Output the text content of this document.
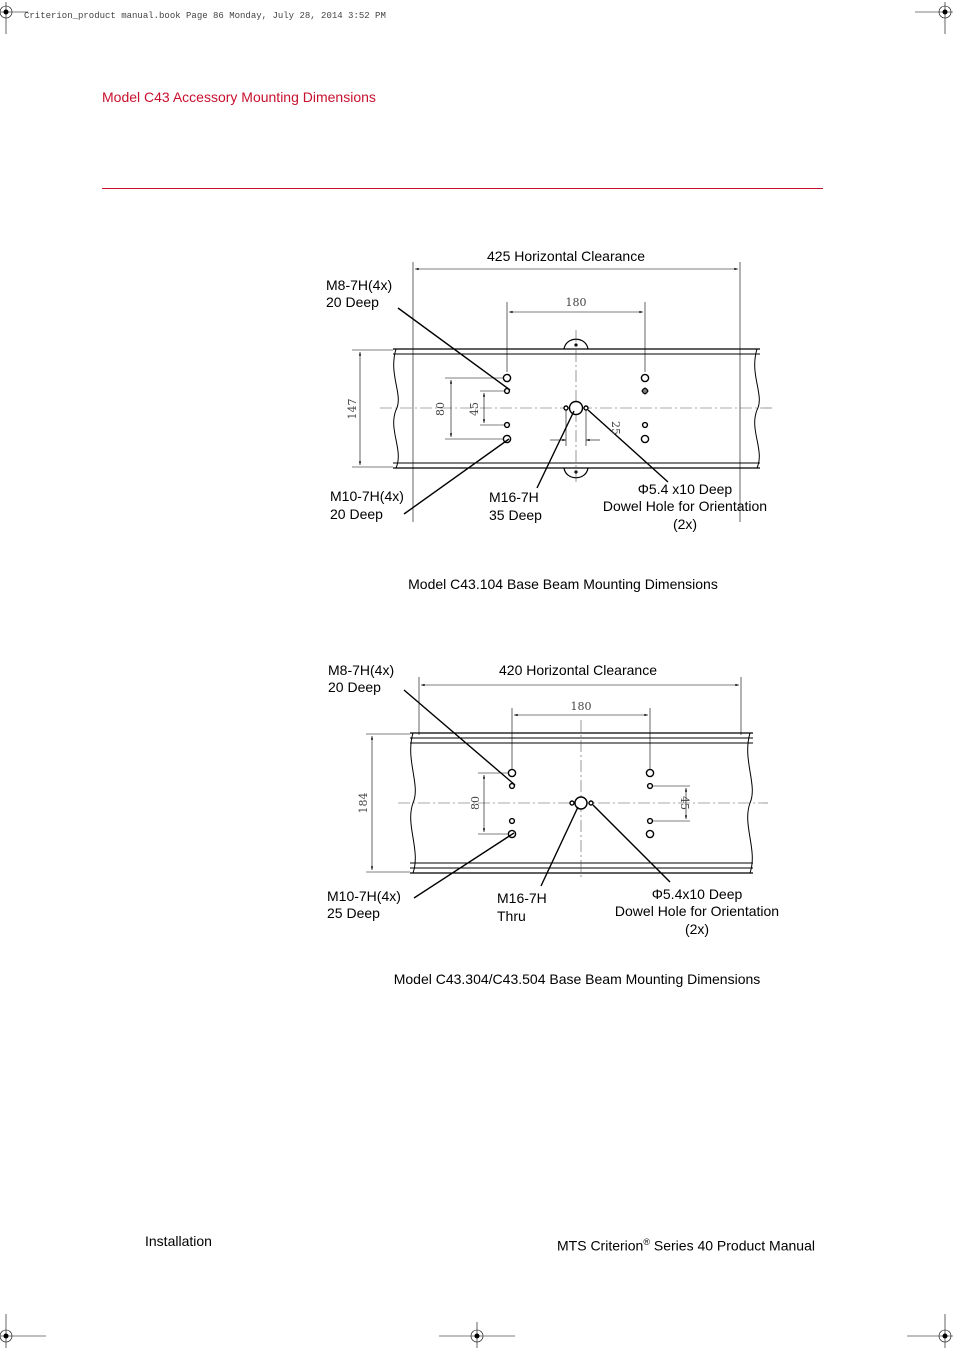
Criterion_product manual.book Page 86 Monday, July 28, 2014 3:52 PM
Model C43 Accessory Mounting Dimensions
425 Horizontal Clearance
M8-7H(4x)
20 Deep
M10-7H(4x)
20 Deep
M16-7H
35 Deep
Φ5.4 x10 Deep
Dowel Hole for Orientation
(2x)
180
147	80 45
25
Model C43.104 Base Beam Mounting Dimensions
420 Horizontal Clearance
M8-7H(4x)
20 Deep
M10-7H(4x)
25 Deep
M16-7H
Thru
Φ5.4x10 Deep
Dowel Hole for Orientation
(2x)
180
184	80	45
Model C43.304/C43.504 Base Beam Mounting Dimensions
Installation	MTS Criterion® Series 40 Product Manual
